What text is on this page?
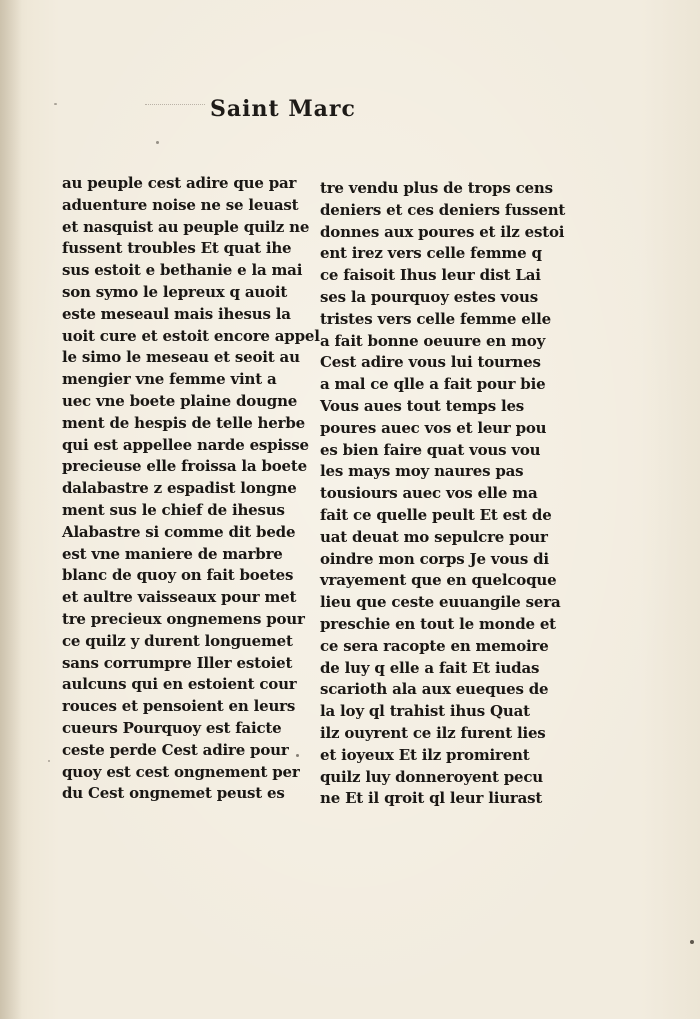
Saint Marc
au peuple cest adire que par
aduenture noise ne se leuast
et nasquist au peuple quilz ne
fussent troubles Et quat ihe
sus estoit e bethanie e la mai
son symo le lepreux q auoit
este meseaul mais ihesus la
uoit cure et estoit encore appel
le simo le meseau et seoit au
mengier vne femme vint a
uec vne boete plaine dougne
ment de hespis de telle herbe
qui est appellee narde espisse
precieuse elle froissa la boete
dalabastre z espadist longne
ment sus le chief de ihesus
Alabastre si comme dit bede
est vne maniere de marbre
blanc de quoy on fait boetes
et aultre vaisseaux pour met
tre precieux ongnemens pour
ce quilz y durent longuemet
sans corrumpre Iller estoiet
aulcuns qui en estoient cour
rouces et pensoient en leurs
cueurs Pourquoy est faicte
ceste perde Cest adire pour
quoy est cest ongnement per
du Cest ongnemet peust es
tre vendu plus de trops cens
deniers et ces deniers fussent
donnes aux poures et ilz estoi
ent irez vers celle femme q
ce faisoit Ihus leur dist Lai
ses la pourquoy estes vous
tristes vers celle femme elle
a fait bonne oeuure en moy
Cest adire vous lui tournes
a mal ce qlle a fait pour bie
Vous aues tout temps les
poures auec vos et leur pou
es bien faire quat vous vou
les mays moy naures pas
tousiours auec vos elle ma
fait ce quelle peult Et est de
uat deuat mo sepulcre pour
oindre mon corps Je vous di
vrayement que en quelcoque
lieu que ceste euuangile sera
preschie en tout le monde et
ce sera racopte en memoire
de luy q elle a fait Et iudas
scarioth ala aux eueques de
la loy ql trahist ihus Quat
ilz ouyrent ce ilz furent lies
et ioyeux Et ilz promirent
quilz luy donneroyent pecu
ne Et il qroit ql leur liurast
